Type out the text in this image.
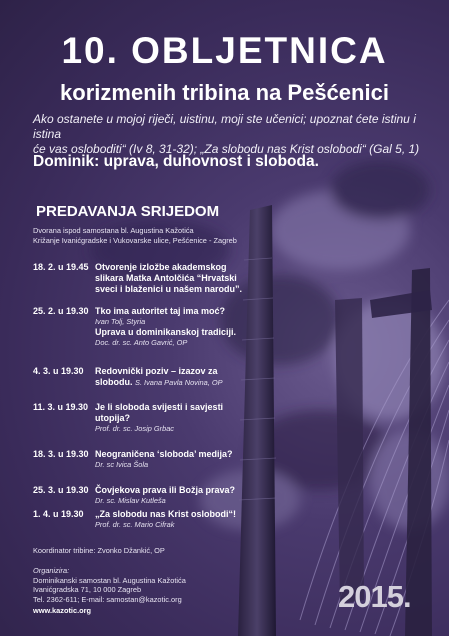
10. OBLJETNICA
korizmenih tribina na Pešćenici
Ako ostanete u mojoj riječi, uistinu, moji ste učenici; upoznat ćete istinu i istina
će vas osloboditi“ (Iv 8, 31-32); „Za slobodu nas Krist oslobodi“ (Gal 5, 1)
Dominik: uprava, duhovnost i sloboda.
PREDAVANJA SRIJEDOM
Dvorana ispod samostana bl. Augustina Kažotića
Križanje Ivanićgradske i Vukovarske ulice, Pešćenice - Zagreb
18. 2. u 19.45 Otvorenje izložbe akademskog
slikara Matka Antolčića “Hrvatski
sveci i blaženici u našem narodu”.
25. 2. u 19.30 Tko ima autoritet taj ima moć?
Ivan Tolj, Styria
Uprava u dominikanskoj tradiciji.
Doc. dr. sc. Anto Gavrić, OP
4. 3. u 19.30	Redovnički poziv – izazov za
slobodu. S. Ivana Pavla Novina, OP
11. 3. u 19.30 Je li sloboda svijesti i savjesti
utopija?
Prof. dr. sc. Josip Grbac
18. 3. u 19.30 Neograničena ‘sloboda’ medija?
Dr. sc Ivica Šola
25. 3. u 19.30 Čovjekova prava ili Božja prava?
Dr. sc. Mislav Kutleša
1. 4. u 19.30	„Za slobodu nas Krist oslobodi“!
Prof. dr. sc. Mario Cifrak
Koordinator tribine: Zvonko Džankić, OP
Organizira:
Dominikanski samostan bl. Augustina Kažotića
Ivanićgradska 71, 10 000 Zagreb
Tel. 2362-611; E-mail: samostan@kazotic.org
www.kazotic.org	2015.
